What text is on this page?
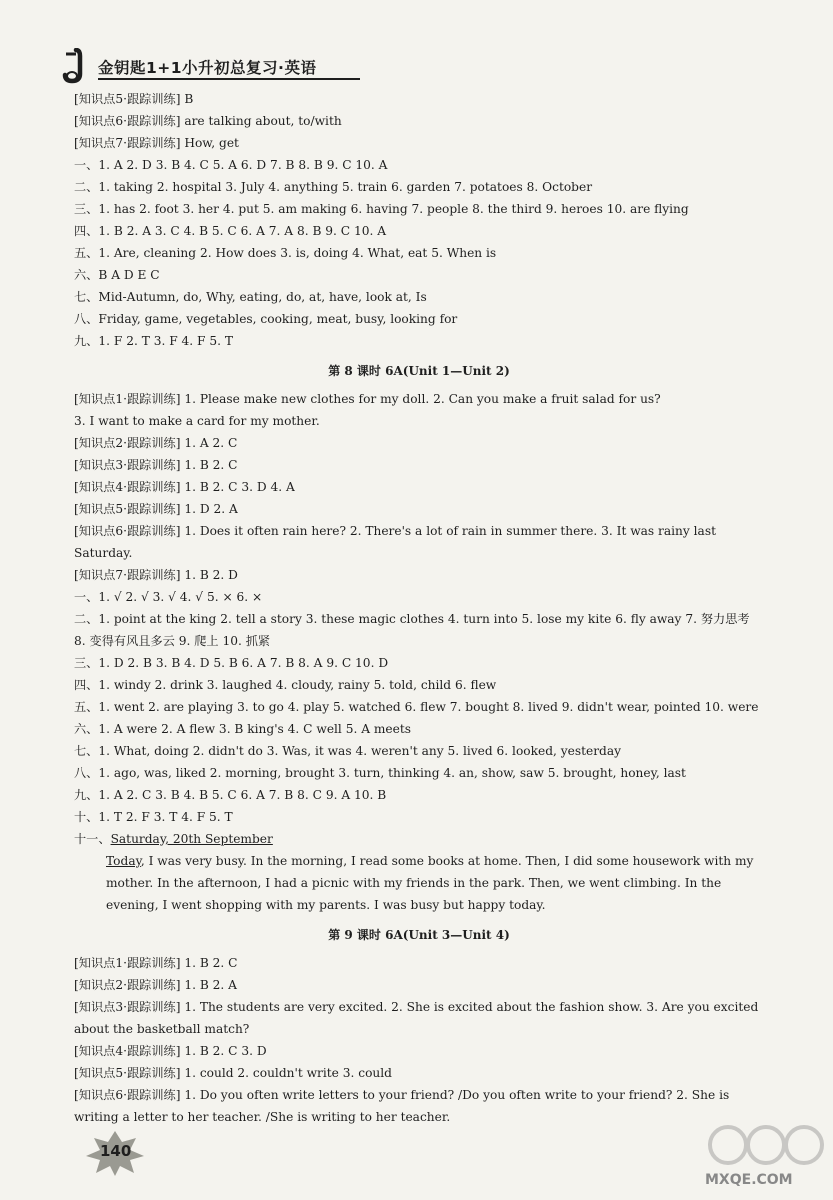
金钥匙1+1小升初总复习·英语
[知识点5·跟踪训练] B
[知识点6·跟踪训练] are talking about, to/with
[知识点7·跟踪训练] How, get
一、1. A 2. D 3. B 4. C 5. A 6. D 7. B 8. B 9. C 10. A
二、1. taking 2. hospital 3. July 4. anything 5. train 6. garden 7. potatoes 8. October
三、1. has 2. foot 3. her 4. put 5. am making 6. having 7. people 8. the third 9. heroes 10. are flying
四、1. B 2. A 3. C 4. B 5. C 6. A 7. A 8. B 9. C 10. A
五、1. Are, cleaning 2. How does 3. is, doing 4. What, eat 5. When is
六、B A D E C
七、Mid-Autumn, do, Why, eating, do, at, have, look at, Is
八、Friday, game, vegetables, cooking, meat, busy, looking for
九、1. F 2. T 3. F 4. F 5. T
第 8 课时 6A(Unit 1—Unit 2)
[知识点1·跟踪训练] 1. Please make new clothes for my doll. 2. Can you make a fruit salad for us?
3. I want to make a card for my mother.
[知识点2·跟踪训练] 1. A 2. C
[知识点3·跟踪训练] 1. B 2. C
[知识点4·跟踪训练] 1. B 2. C 3. D 4. A
[知识点5·跟踪训练] 1. D 2. A
[知识点6·跟踪训练] 1. Does it often rain here? 2. There's a lot of rain in summer there. 3. It was rainy last Saturday.
[知识点7·跟踪训练] 1. B 2. D
一、1. √ 2. √ 3. √ 4. √ 5. × 6. ×
二、1. point at the king 2. tell a story 3. these magic clothes 4. turn into 5. lose my kite 6. fly away 7. 努力思考
8. 变得有风且多云 9. 爬上 10. 抓紧
三、1. D 2. B 3. B 4. D 5. B 6. A 7. B 8. A 9. C 10. D
四、1. windy 2. drink 3. laughed 4. cloudy, rainy 5. told, child 6. flew
五、1. went 2. are playing 3. to go 4. play 5. watched 6. flew 7. bought 8. lived 9. didn't wear, pointed 10. were
六、1. A were 2. A flew 3. B king's 4. C well 5. A meets
七、1. What, doing 2. didn't do 3. Was, it was 4. weren't any 5. lived 6. looked, yesterday
八、1. ago, was, liked 2. morning, brought 3. turn, thinking 4. an, show, saw 5. brought, honey, last
九、1. A 2. C 3. B 4. B 5. C 6. A 7. B 8. C 9. A 10. B
十、1. T 2. F 3. T 4. F 5. T
十一、Saturday, 20th September
Today, I was very busy. In the morning, I read some books at home. Then, I did some housework with my mother. In the afternoon, I had a picnic with my friends in the park. Then, we went climbing. In the evening, I went shopping with my parents. I was busy but happy today.
第 9 课时 6A(Unit 3—Unit 4)
[知识点1·跟踪训练] 1. B 2. C
[知识点2·跟踪训练] 1. B 2. A
[知识点3·跟踪训练] 1. The students are very excited. 2. She is excited about the fashion show. 3. Are you excited about the basketball match?
[知识点4·跟踪训练] 1. B 2. C 3. D
[知识点5·跟踪训练] 1. could 2. couldn't write 3. could
[知识点6·跟踪训练] 1. Do you often write letters to your friend? /Do you often write to your friend? 2. She is writing a letter to her teacher. /She is writing to her teacher.
140
MXQE.COM
